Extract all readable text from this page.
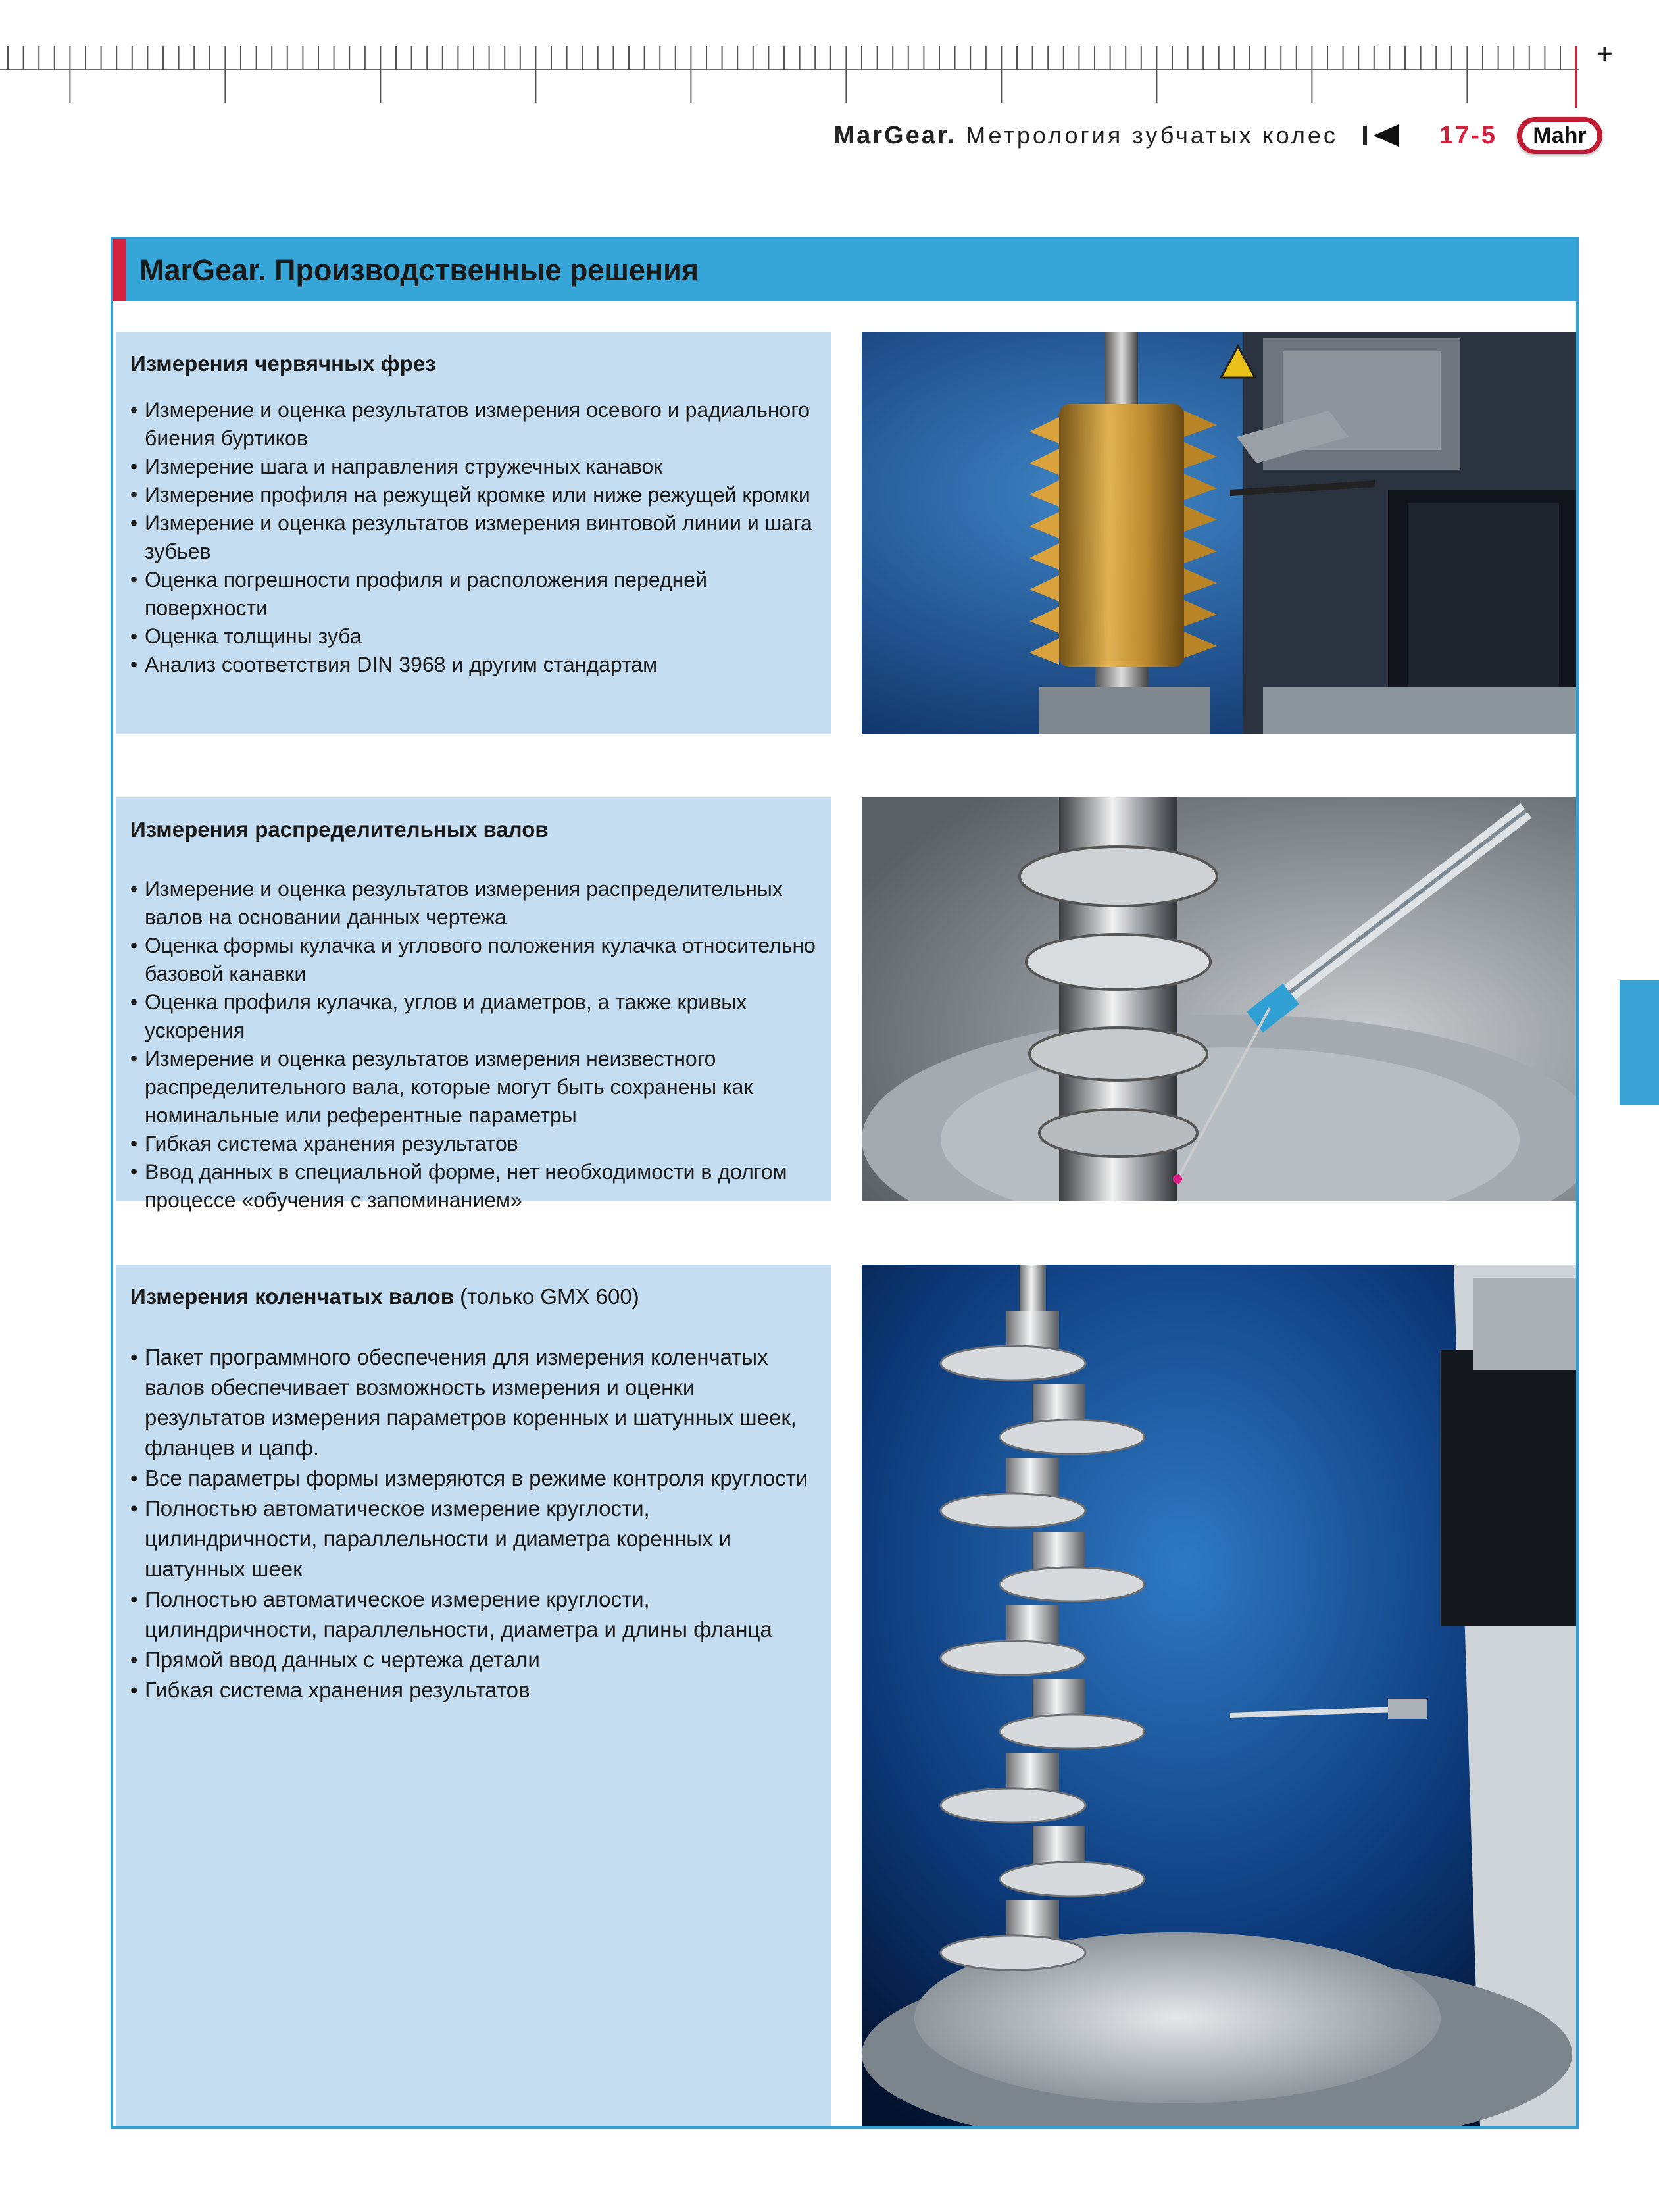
+
MarGear. Метрология зубчатых колес	17-5	Mahr
MarGear. Производственные решения
Измерения червячных фрез
• Измерение и оценка результатов измерения осевого и радиального биения буртиков
• Измерение шага и направления стружечных канавок
• Измерение профиля на режущей кромке или ниже режущей кромки
• Измерение и оценка результатов измерения винтовой линии и шага зубьев
• Оценка погрешности профиля и расположения передней поверхности
• Оценка толщины зуба
• Анализ соответствия DIN 3968 и другим стандартам
Измерения распределительных валов
• Измерение и оценка результатов измерения распределительных валов на основании данных чертежа
• Оценка формы кулачка и углового положения кулачка относительно базовой канавки
• Оценка профиля кулачка, углов и диаметров, а также кривых ускорения
• Измерение и оценка результатов измерения неизвестного распределительного вала, которые могут быть сохранены как номинальные или референтные параметры
• Гибкая система хранения результатов
• Ввод данных в специальной форме, нет необходимости в долгом процессе «обучения с запоминанием»
Измерения коленчатых валов (только GMX 600)
• Пакет программного обеспечения для измерения коленчатых валов обеспечивает возможность измерения и оценки результатов измерения параметров коренных и шатунных шеек, фланцев и цапф.
• Все параметры формы измеряются в режиме контроля круглости
• Полностью автоматическое измерение круглости, цилиндричности, параллельности и диаметра коренных и шатунных шеек
• Полностью автоматическое измерение круглости, цилиндричности, параллельности, диаметра и длины фланца
• Прямой ввод данных с чертежа детали
• Гибкая система хранения результатов
